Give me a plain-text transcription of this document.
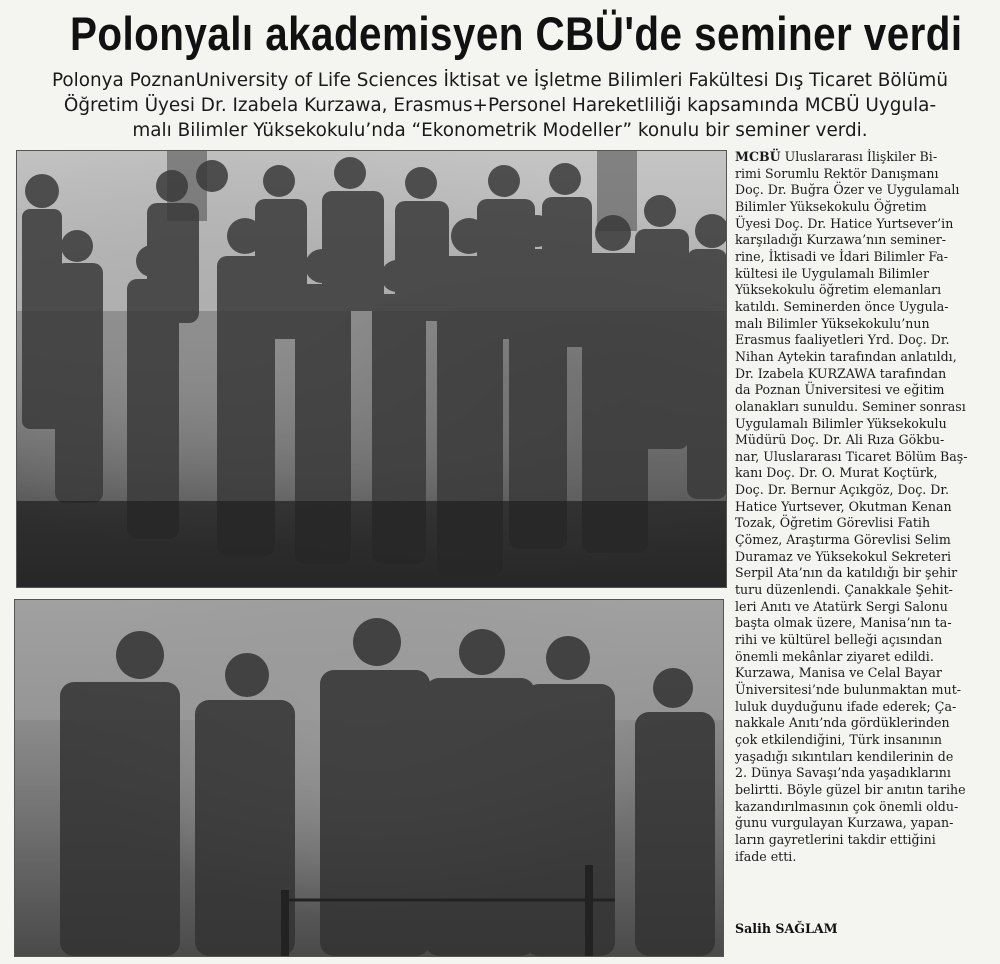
Polonyalı akademisyen CBÜ'de seminer verdi
Polonya PoznanUniversity of Life Sciences İktisat ve İşletme Bilimleri Fakültesi Dış Ticaret Bölümü
Öğretim Üyesi Dr. Izabela Kurzawa, Erasmus+Personel Hareketliliği kapsamında MCBÜ Uygula-
malı Bilimler Yüksekokulu’nda “Ekonometrik Modeller” konulu bir seminer verdi.
MCBÜ Uluslararası İlişkiler Bi-
rimi Sorumlu Rektör Danışmanı
Doç. Dr. Buğra Özer ve Uygulamalı
Bilimler Yüksekokulu Öğretim
Üyesi Doç. Dr. Hatice Yurtsever’in
karşıladığı Kurzawa’nın seminer-
rine, İktisadi ve İdari Bilimler Fa-
kültesi ile Uygulamalı Bilimler
Yüksekokulu öğretim elemanları
katıldı. Seminerden önce Uygula-
malı Bilimler Yüksekokulu’nun
Erasmus faaliyetleri Yrd. Doç. Dr.
Nihan Aytekin tarafından anlatıldı,
Dr. Izabela KURZAWA tarafından
da Poznan Üniversitesi ve eğitim
olanakları sunuldu. Seminer sonrası
Uygulamalı Bilimler Yüksekokulu
Müdürü Doç. Dr. Ali Rıza Gökbu-
nar, Uluslararası Ticaret Bölüm Baş-
kanı Doç. Dr. O. Murat Koçtürk,
Doç. Dr. Bernur Açıkgöz, Doç. Dr.
Hatice Yurtsever, Okutman Kenan
Tozak, Öğretim Görevlisi Fatih
Çömez, Araştırma Görevlisi Selim
Duramaz ve Yüksekokul Sekreteri
Serpil Ata’nın da katıldığı bir şehir
turu düzenlendi. Çanakkale Şehit-
leri Anıtı ve Atatürk Sergi Salonu
başta olmak üzere, Manisa’nın ta-
rihi ve kültürel belleği açısından
önemli mekânlar ziyaret edildi.
Kurzawa, Manisa ve Celal Bayar
Üniversitesi’nde bulunmaktan mut-
luluk duyduğunu ifade ederek; Ça-
nakkale Anıtı’nda gördüklerinden
çok etkilendiğini, Türk insanının
yaşadığı sıkıntıları kendilerinin de
2. Dünya Savaşı’nda yaşadıklarını
belirtti. Böyle güzel bir anıtın tarihe
kazandırılmasının çok önemli oldu-
ğunu vurgulayan Kurzawa, yapan-
ların gayretlerini takdir ettiğini
ifade etti.
Salih SAĞLAM
